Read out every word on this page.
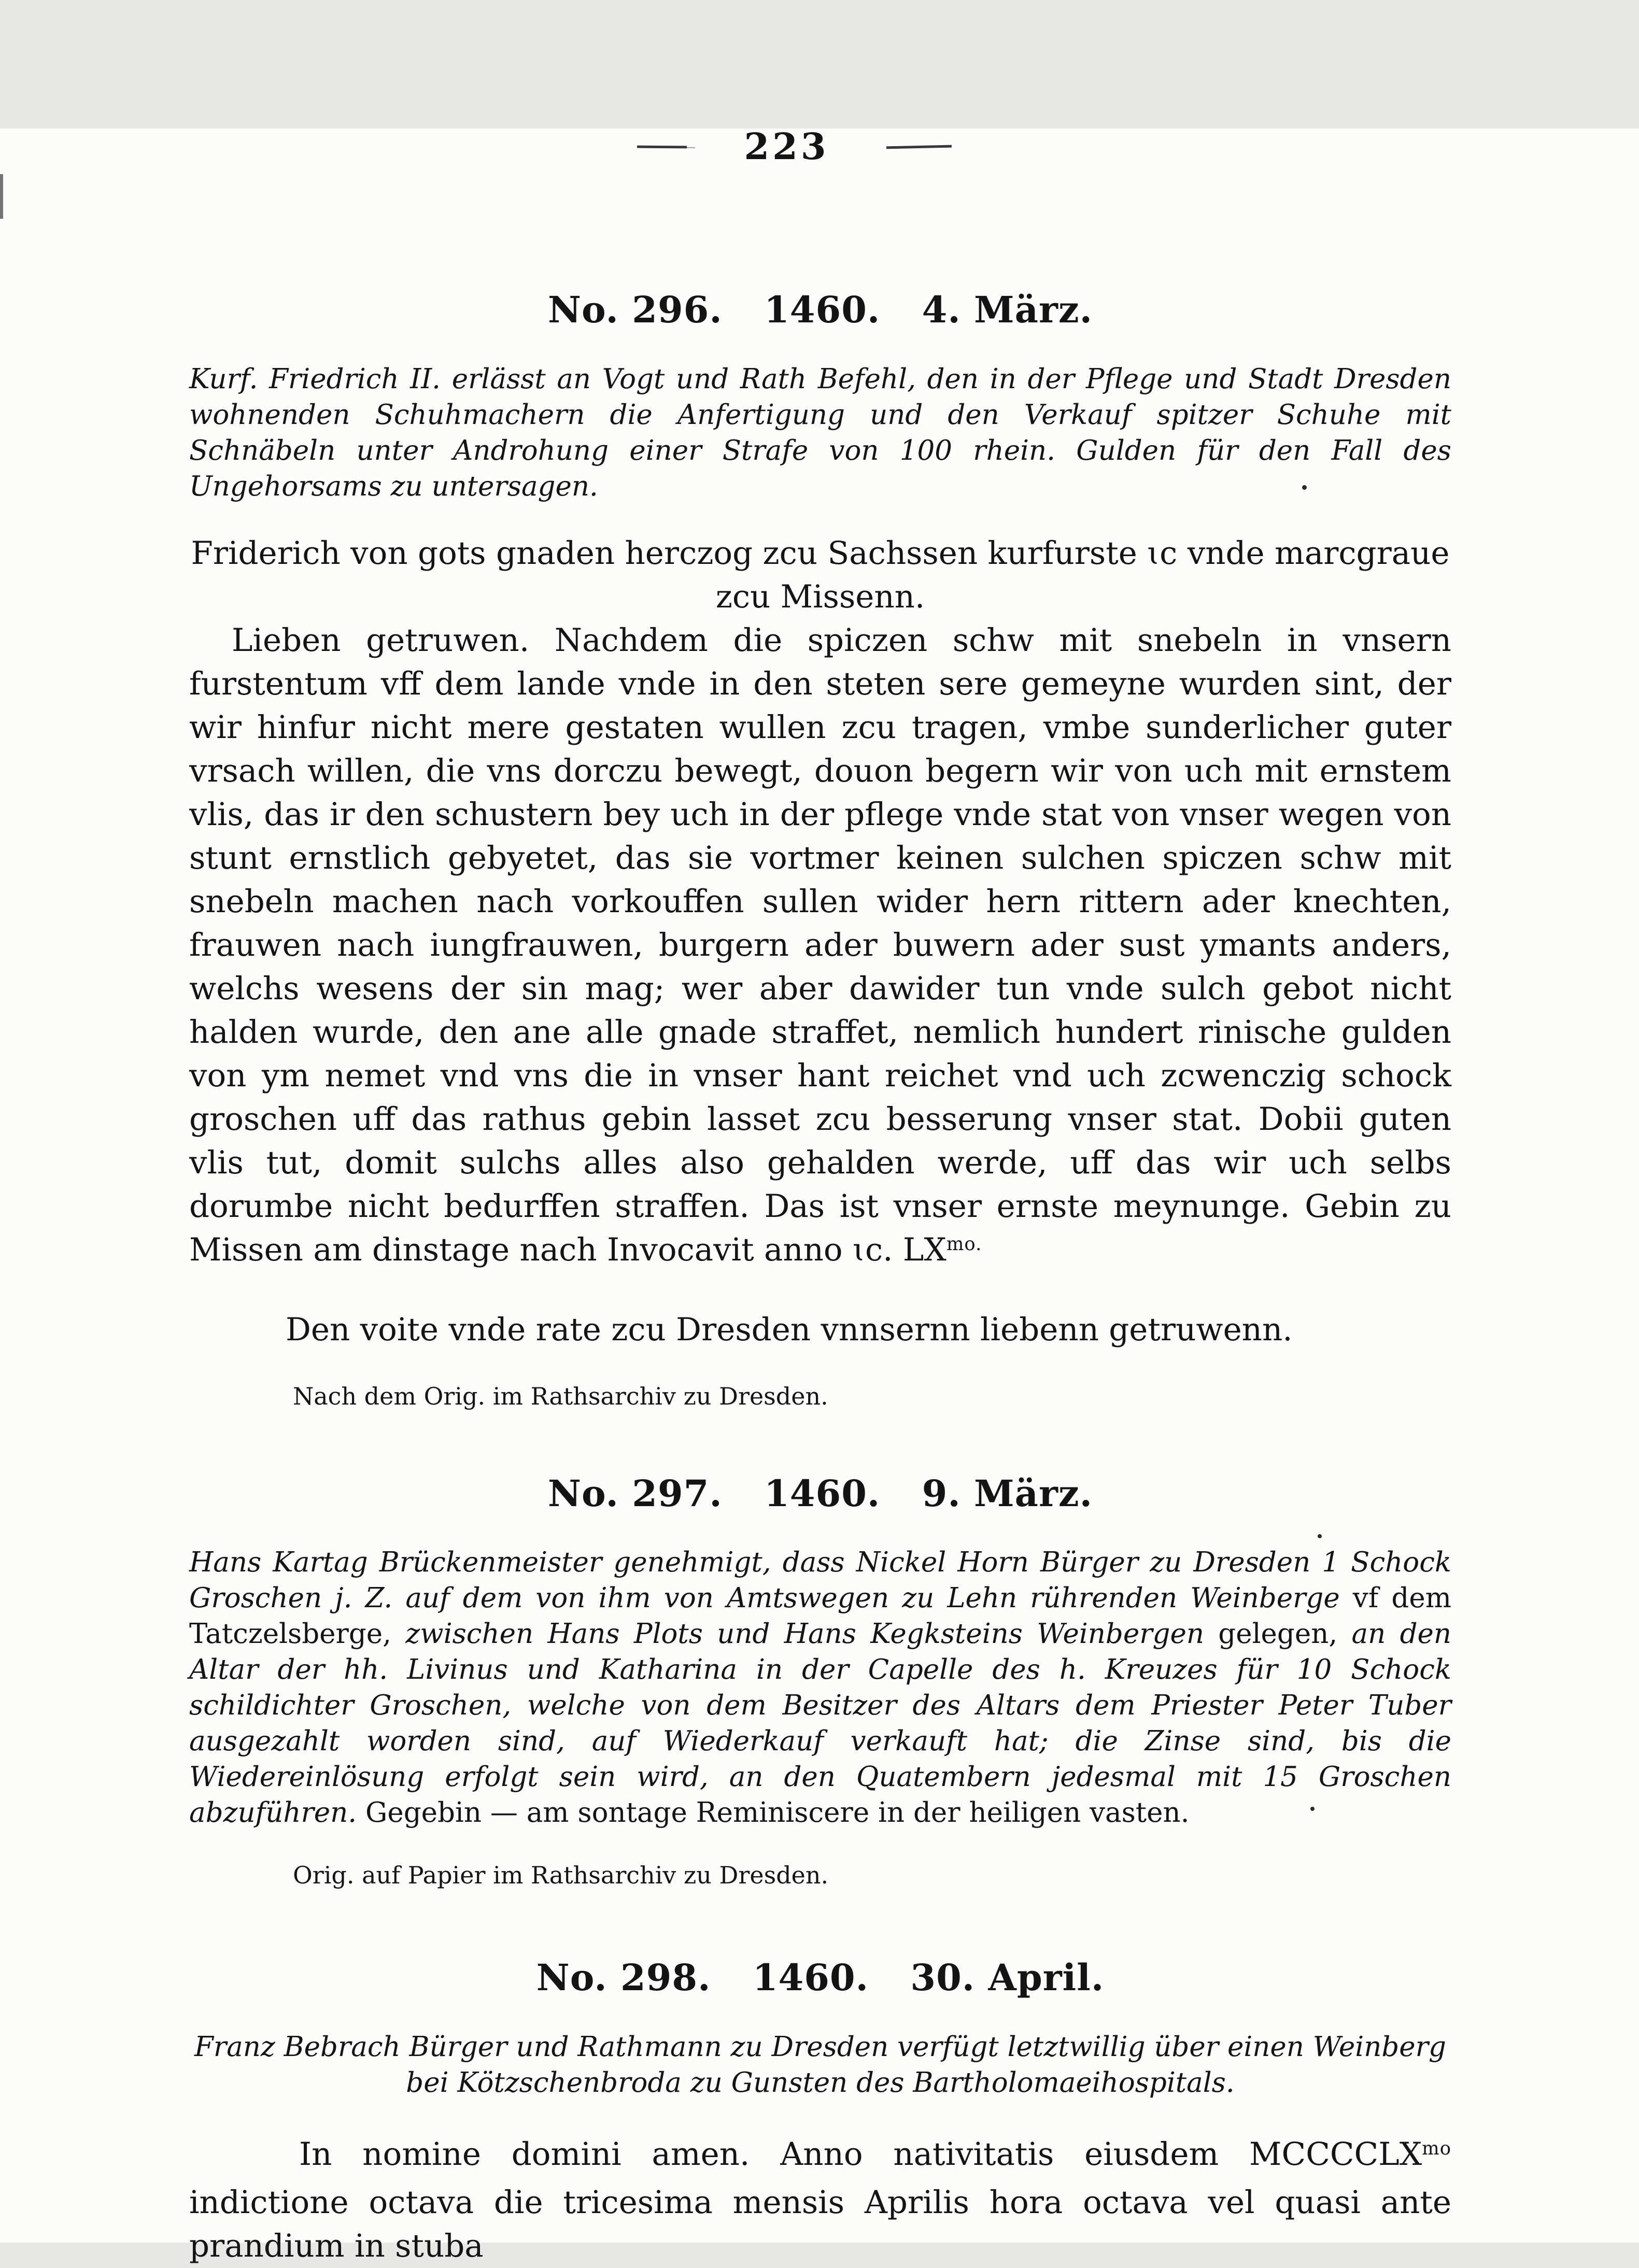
223
No. 296. 1460. 4. März.

Kurf. Friedrich II. erlässt an Vogt und Rath Befehl, den in der Pflege und Stadt Dresden wohnenden Schuhmachern die Anfertigung und den Verkauf spitzer Schuhe mit Schnäbeln unter Androhung einer Strafe von 100 rhein. Gulden für den Fall des Ungehorsams zu untersagen.

Friderich von gots gnaden herczog zcu Sachssen kurfurste ɩc vnde marcgraue
zcu Missenn.

Lieben getruwen. Nachdem die spiczen schw mit snebeln in vnsern furstentum vff dem lande vnde in den steten sere gemeyne wurden sint, der wir hinfur nicht mere gestaten wullen zcu tragen, vmbe sunderlicher guter vrsach willen, die vns dorczu bewegt, douon begern wir von uch mit ernstem vlis, das ir den schustern bey uch in der pflege vnde stat von vnser wegen von stunt ernstlich gebyetet, das sie vortmer keinen sulchen spiczen schw mit snebeln machen nach vorkouffen sullen wider hern rittern ader knechten, frauwen nach iungfrauwen, burgern ader buwern ader sust ymants anders, welchs wesens der sin mag; wer aber dawider tun vnde sulch gebot nicht halden wurde, den ane alle gnade straffet, nemlich hundert rinische gulden von ym nemet vnd vns die in vnser hant reichet vnd uch zcwenczig schock groschen uff das rathus gebin lasset zcu besserung vnser stat. Dobii guten vlis tut, domit sulchs alles also gehalden werde, uff das wir uch selbs dorumbe nicht bedurffen straffen. Das ist vnser ernste meynunge. Gebin zu Missen am dinstage nach Invocavit anno ɩc. $LX^{mo.}$

Den voite vnde rate zcu Dresden vnnsernn liebenn getruwenn.
Nach dem Orig. im Rathsarchiv zu Dresden.
No. 297. 1460. 9. März.

Hans Kartag Brückenmeister genehmigt, dass Nickel Horn Bürger zu Dresden 1 Schock Groschen j. Z. auf dem von ihm von Amtswegen zu Lehn rührenden Weinberge vf dem Tatczelsberge, zwischen Hans Plots und Hans Kegksteins Weinbergen gelegen, an den Altar der hh. Livinus und Katharina in der Capelle des h. Kreuzes für 10 Schock schildichter Groschen, welche von dem Besitzer des Altars dem Priester Peter Tuber ausgezahlt worden sind, auf Wiederkauf verkauft hat; die Zinse sind, bis die Wiedereinlösung erfolgt sein wird, an den Quatembern jedesmal mit 15 Groschen abzuführen. Gegebin — am sontage Reminiscere in der heiligen vasten.

Orig. auf Papier im Rathsarchiv zu Dresden.
No. 298. 1460. 30. April.

Franz Bebrach Bürger und Rathmann zu Dresden verfügt letztwillig über einen Weinberg bei Kötzschenbroda zu Gunsten des Bartholomaeihospitals.

In nomine domini amen. Anno nativitatis eiusdem $MCCCCLX^{mo}$ indictione octava die tricesima mensis Aprilis hora octava vel quasi ante prandium in stuba
